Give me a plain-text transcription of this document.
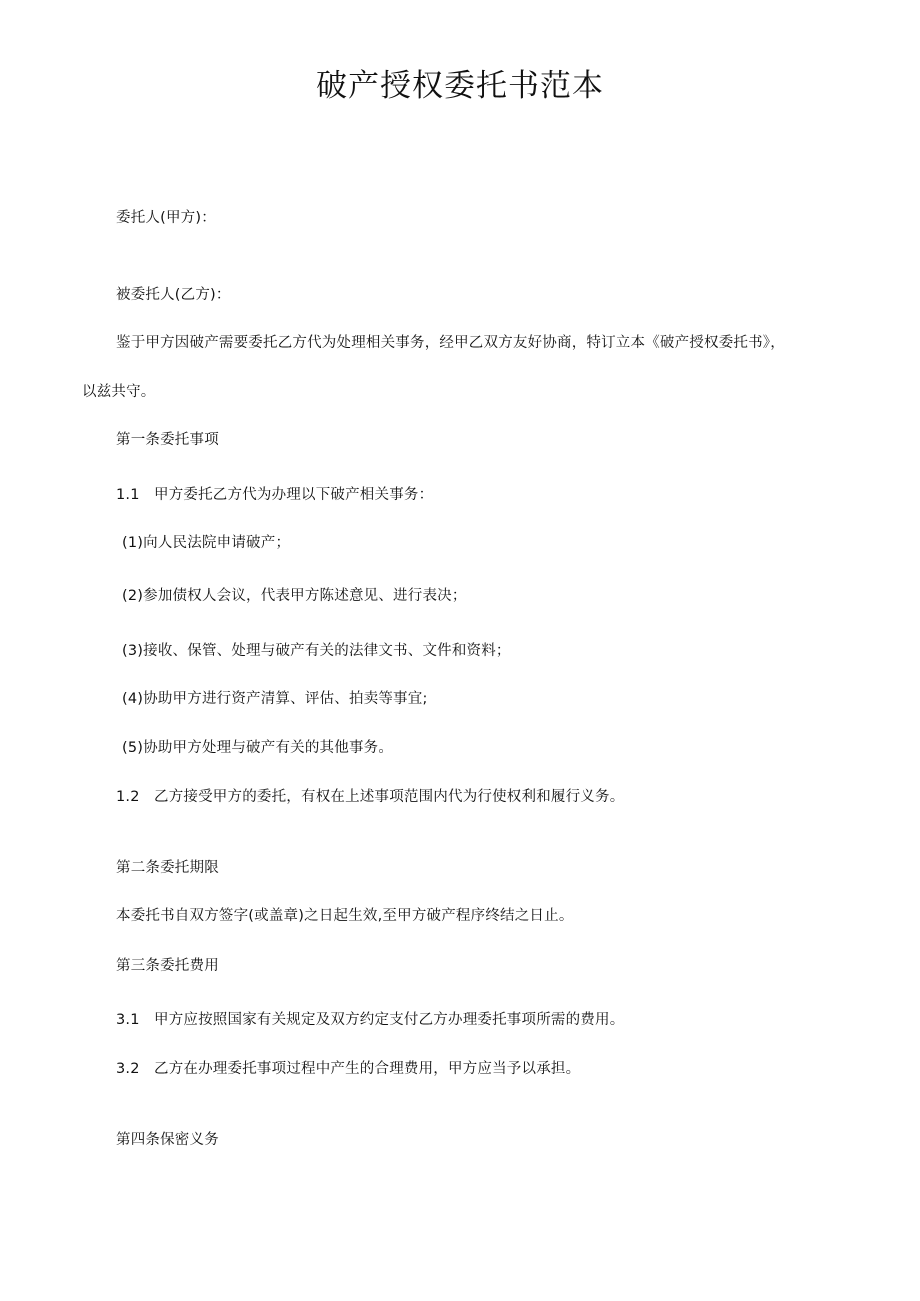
破产授权委托书范本
委托人(甲方)：
被委托人(乙方)：
鉴于甲方因破产需要委托乙方代为处理相关事务，经甲乙双方友好协商，特订立本《破产授权委托书》，
以兹共守。
第一条委托事项
1.1 甲方委托乙方代为办理以下破产相关事务：
(1)向人民法院申请破产；
(2)参加债权人会议，代表甲方陈述意见、进行表决；
(3)接收、保管、处理与破产有关的法律文书、文件和资料；
(4)协助甲方进行资产清算、评估、拍卖等事宜;
(5)协助甲方处理与破产有关的其他事务。
1.2 乙方接受甲方的委托，有权在上述事项范围内代为行使权利和履行义务。
第二条委托期限
本委托书自双方签字(或盖章)之日起生效,至甲方破产程序终结之日止。
第三条委托费用
3.1 甲方应按照国家有关规定及双方约定支付乙方办理委托事项所需的费用。
3.2 乙方在办理委托事项过程中产生的合理费用，甲方应当予以承担。
第四条保密义务
